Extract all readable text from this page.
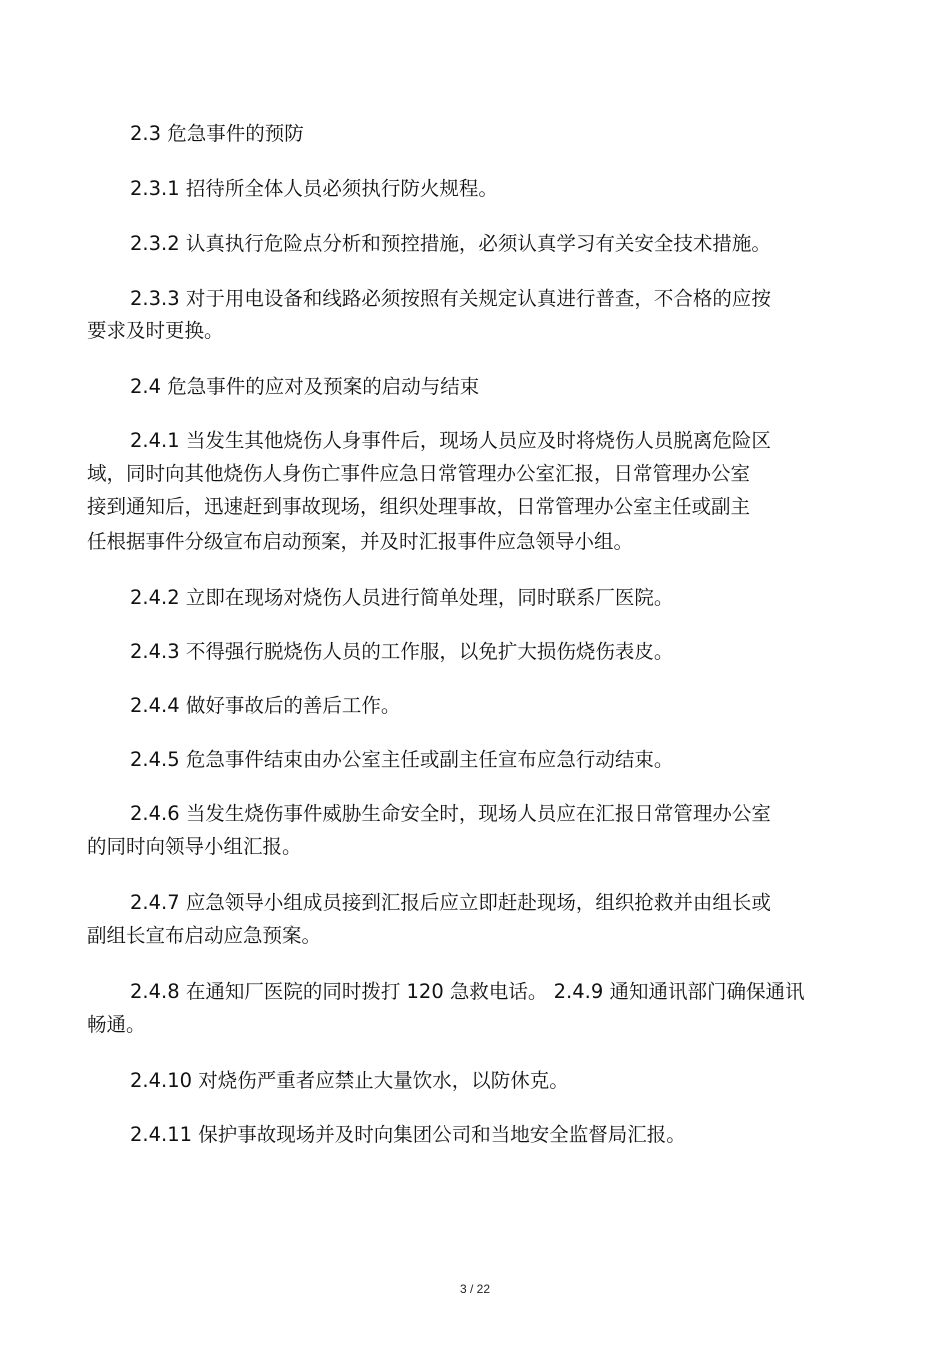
2.3 危急事件的预防
2.3.1 招待所全体人员必须执行防火规程。
2.3.2 认真执行危险点分析和预控措施，必须认真学习有关安全技术措施。
2.3.3 对于用电设备和线路必须按照有关规定认真进行普查，不合格的应按
要求及时更换。
2.4 危急事件的应对及预案的启动与结束
2.4.1 当发生其他烧伤人身事件后，现场人员应及时将烧伤人员脱离危险区
域，同时向其他烧伤人身伤亡事件应急日常管理办公室汇报，日常管理办公室
接到通知后，迅速赶到事故现场，组织处理事故，日常管理办公室主任或副主
任根据事件分级宣布启动预案，并及时汇报事件应急领导小组。
2.4.2 立即在现场对烧伤人员进行简单处理，同时联系厂医院。
2.4.3 不得强行脱烧伤人员的工作服，以免扩大损伤烧伤表皮。
2.4.4 做好事故后的善后工作。
2.4.5 危急事件结束由办公室主任或副主任宣布应急行动结束。
2.4.6 当发生烧伤事件威胁生命安全时，现场人员应在汇报日常管理办公室
的同时向领导小组汇报。
2.4.7 应急领导小组成员接到汇报后应立即赶赴现场，组织抢救并由组长或
副组长宣布启动应急预案。
2.4.8 在通知厂医院的同时拨打 120 急救电话。 2.4.9 通知通讯部门确保通讯
畅通。
2.4.10 对烧伤严重者应禁止大量饮水，以防休克。
2.4.11 保护事故现场并及时向集团公司和当地安全监督局汇报。
3 / 22
